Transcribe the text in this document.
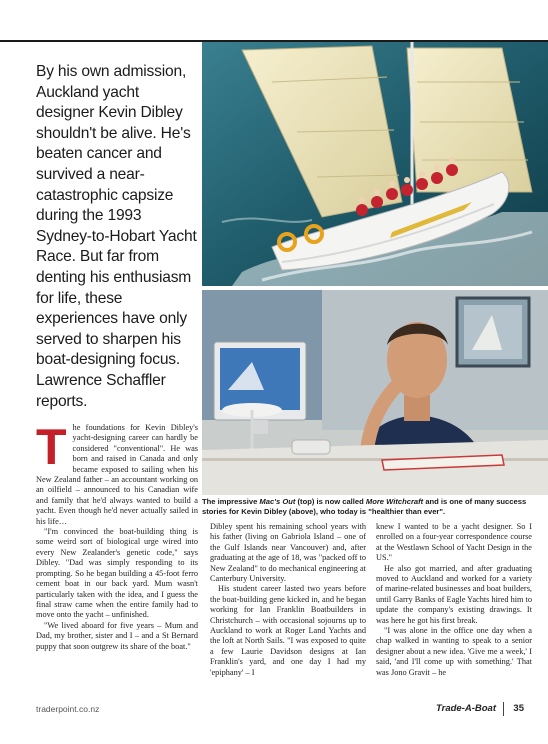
By his own admission, Auckland yacht designer Kevin Dibley shouldn't be alive. He's beaten cancer and survived a near-catastrophic capsize during the 1993 Sydney-to-Hobart Yacht Race. But far from denting his enthusiasm for life, these experiences have only served to sharpen his boat-designing focus. Lawrence Schaffler reports.
The impressive Mac's Out (top) is now called More Witchcraft and is one of many success stories for Kevin Dibley (above), who today is "healthier than ever".
T he foundations for Kevin Dibley's yacht-designing career can hardly be considered "conventional". He was born and raised in Canada and only became exposed to sailing when his New Zealand father – an accountant working on an oilfield – announced to his Canadian wife and family that he'd always wanted to build a yacht. Even though he'd never actually sailed in his life…

"I'm convinced the boat-building thing is some weird sort of biological urge wired into every New Zealander's genetic code," says Dibley. "Dad was simply responding to its prompting. So he began building a 45-foot ferro cement boat in our back yard. Mum wasn't particularly taken with the idea, and I guess the final straw came when the entire family had to move onto the yacht – unfinished.

"We lived aboard for five years – Mum and Dad, my brother, sister and I – and a St Bernard puppy that soon outgrew its share of the boat."

Dibley spent his remaining school years with his father (living on Gabriola Island – one of the Gulf Islands near Vancouver) and, after graduating at the age of 18, was "packed off to New Zealand" to do mechanical engineering at Canterbury University.

His student career lasted two years before the boat-building gene kicked in, and he began working for Ian Franklin Boatbuilders in Christchurch – with occasional sojourns up to Auckland to work at Roger Land Yachts and the loft at North Sails. "I was exposed to quite a few Laurie Davidson designs at Ian Franklin's yard, and one day I had my 'epiphany' – I

knew I wanted to be a yacht designer. So I enrolled on a four-year correspondence course at the Westlawn School of Yacht Design in the US."

He also got married, and after graduating moved to Auckland and worked for a variety of marine-related businesses and boat builders, until Garry Banks of Eagle Yachts hired him to update the company's existing drawings. It was here he got his first break.

"I was alone in the office one day when a chap walked in wanting to speak to a senior designer about a new idea. 'Give me a week,' I said, 'and I'll come up with something.' That was Jono Gravit – he

traderpoint.co.nz	Trade-A-Boat 35
